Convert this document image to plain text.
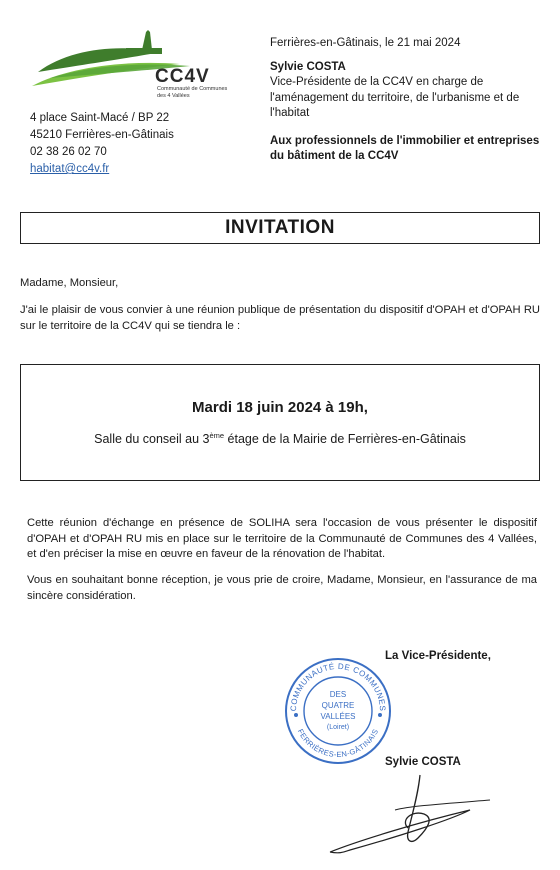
CC4V
Communauté de Communes
des 4 Vallées
4 place Saint-Macé / BP 22
45210 Ferrières-en-Gâtinais
02 38 26 02 70
habitat@cc4v.fr
Ferrières-en-Gâtinais, le 21 mai 2024
Sylvie COSTA
Vice-Présidente de la CC4V en charge de l'aménagement du territoire, de l'urbanisme et de l'habitat
Aux professionnels de l'immobilier et entreprises du bâtiment de la CC4V
INVITATION
Madame, Monsieur,
J'ai le plaisir de vous convier à une réunion publique de présentation du dispositif d'OPAH et d'OPAH RU sur le territoire de la CC4V qui se tiendra le :
Mardi 18 juin 2024 à 19h,
Salle du conseil au 3ème étage de la Mairie de Ferrières-en-Gâtinais
Cette réunion d'échange en présence de SOLIHA sera l'occasion de vous présenter le dispositif d'OPAH et d'OPAH RU mis en place sur le territoire de la Communauté de Communes des 4 Vallées, et d'en préciser la mise en œuvre en faveur de la rénovation de l'habitat.
Vous en souhaitant bonne réception, je vous prie de croire, Madame, Monsieur, en l'assurance de ma sincère considération.
La Vice-Présidente,
COMMUNAUTÉ DE COMMUNES
FERRIÈRES-EN-GÂTINAIS
DES
QUATRE
VALLÉES
(Loiret)
Sylvie COSTA
